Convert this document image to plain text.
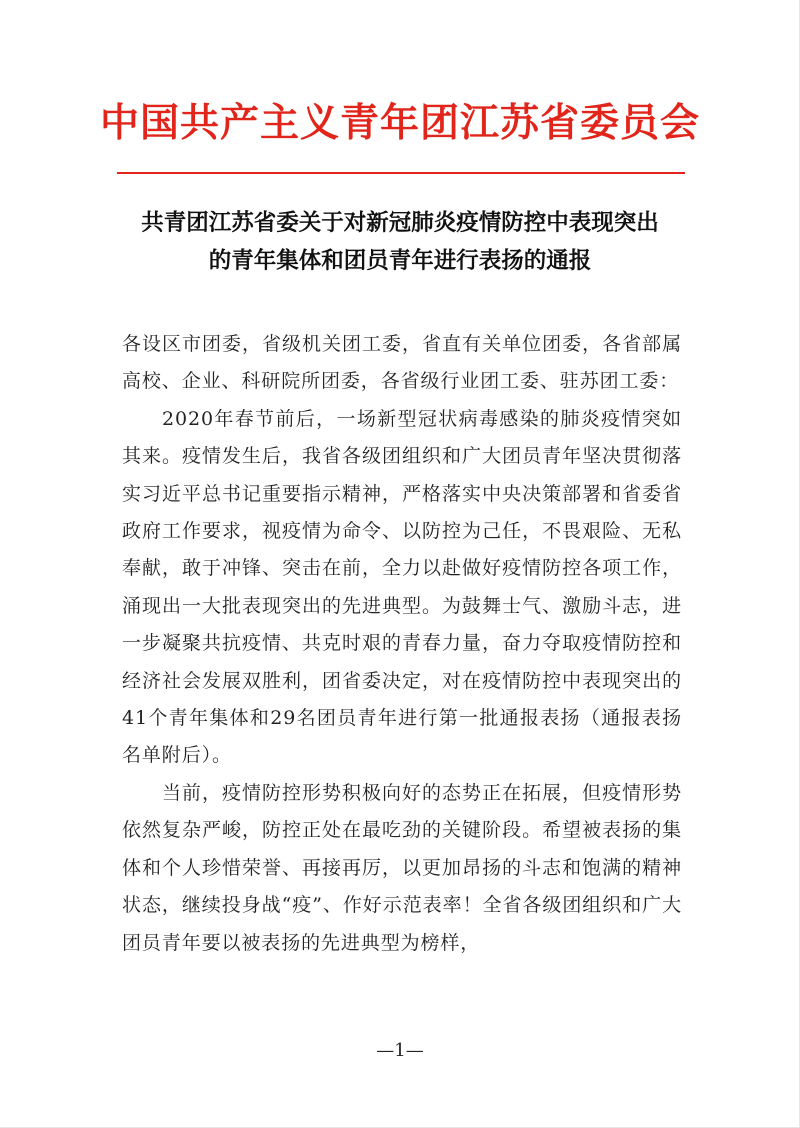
中国共产主义青年团江苏省委员会
共青团江苏省委关于对新冠肺炎疫情防控中表现突出
的青年集体和团员青年进行表扬的通报

各设区市团委，省级机关团工委，省直有关单位团委，各省部属高校、企业、科研院所团委，各省级行业团工委、驻苏团工委：

2020年春节前后，一场新型冠状病毒感染的肺炎疫情突如其来。疫情发生后，我省各级团组织和广大团员青年坚决贯彻落实习近平总书记重要指示精神，严格落实中央决策部署和省委省政府工作要求，视疫情为命令、以防控为己任，不畏艰险、无私奉献，敢于冲锋、突击在前，全力以赴做好疫情防控各项工作，涌现出一大批表现突出的先进典型。为鼓舞士气、激励斗志，进一步凝聚共抗疫情、共克时艰的青春力量，奋力夺取疫情防控和经济社会发展双胜利，团省委决定，对在疫情防控中表现突出的41个青年集体和29名团员青年进行第一批通报表扬（通报表扬名单附后）。

当前，疫情防控形势积极向好的态势正在拓展，但疫情形势依然复杂严峻，防控正处在最吃劲的关键阶段。希望被表扬的集体和个人珍惜荣誉、再接再厉，以更加昂扬的斗志和饱满的精神状态，继续投身战“疫”、作好示范表率！全省各级团组织和广大团员青年要以被表扬的先进典型为榜样，

—1—
